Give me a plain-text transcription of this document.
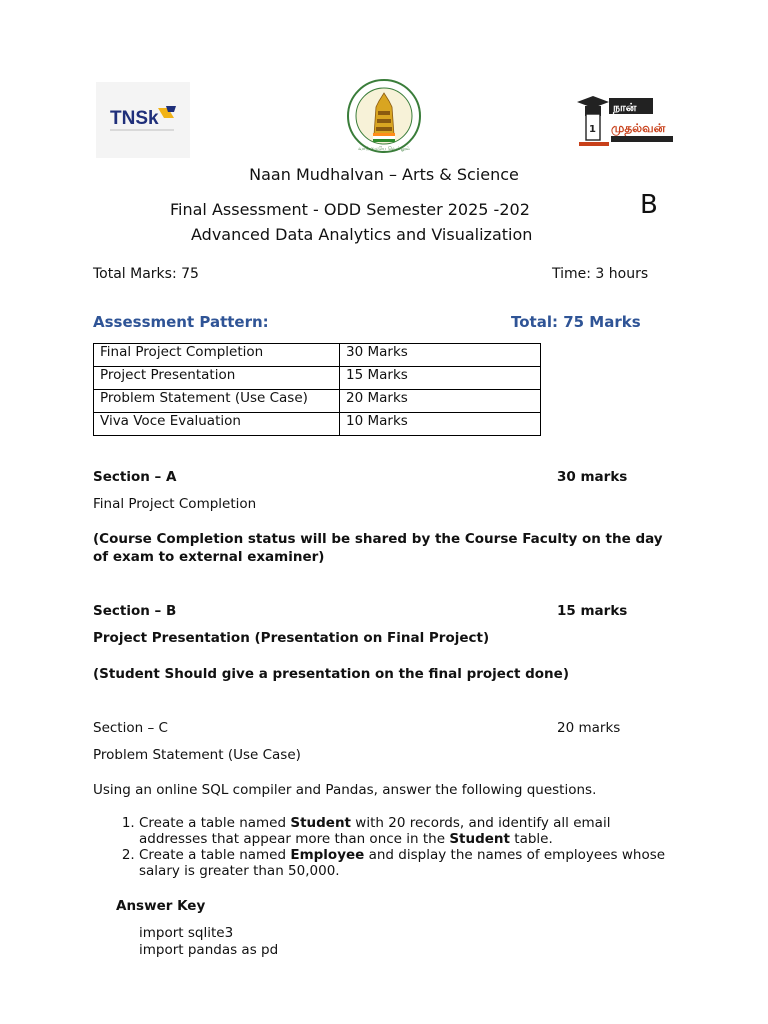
TNSk
வாய்மையே வெல்லும்
1
நான்
முதல்வன்
Naan Mudhalvan – Arts & Science
Final Assessment - ODD Semester 2025 -202	B
Advanced Data Analytics and Visualization
Total Marks: 75	Time: 3 hours
Assessment Pattern:	Total: 75 Marks
Final Project Completion	30 Marks
Project Presentation	15 Marks
Problem Statement (Use Case)	20 Marks
Viva Voce Evaluation	10 Marks
Section – A	30 marks
Final Project Completion
(Course Completion status will be shared by the Course Faculty on the day of exam to external examiner)
Section – B	15 marks
Project Presentation (Presentation on Final Project)
(Student Should give a presentation on the final project done)
Section – C	20 marks
Problem Statement (Use Case)
Using an online SQL compiler and Pandas, answer the following questions.
1. Create a table named Student with 20 records, and identify all email addresses that appear more than once in the Student table.
2. Create a table named Employee and display the names of employees whose salary is greater than 50,000.
Answer Key
import sqlite3
import pandas as pd
